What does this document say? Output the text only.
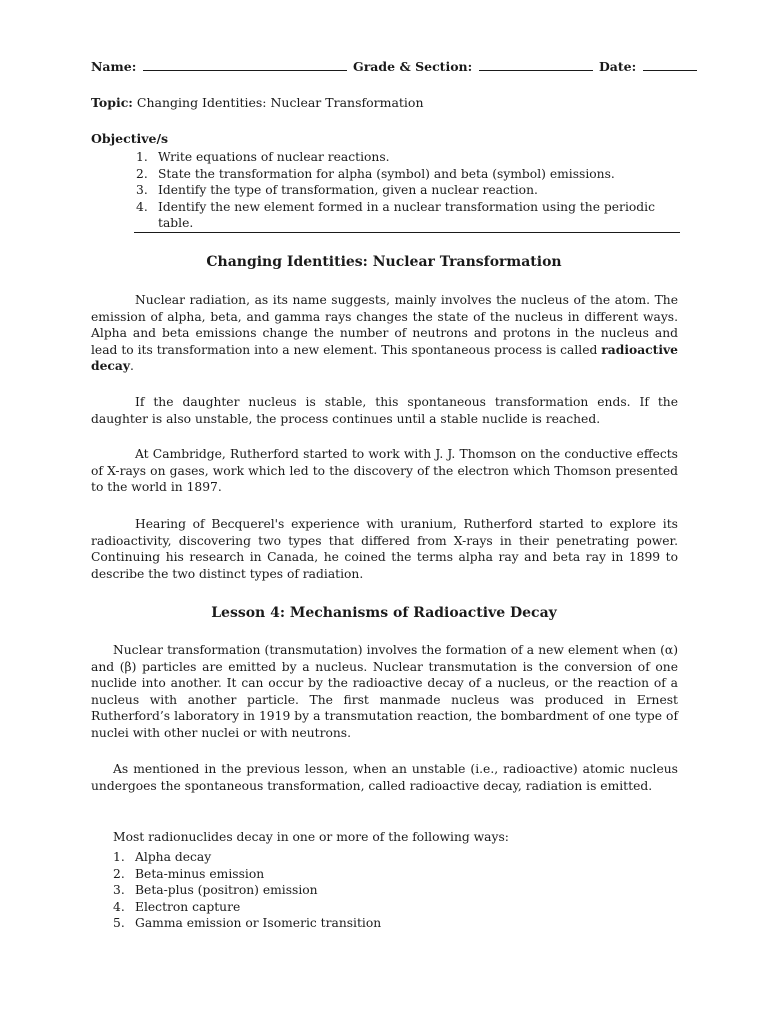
Name:	Grade & Section:	Date:
Topic: Changing Identities: Nuclear Transformation
Objective/s
1. Write equations of nuclear reactions.
2. State the transformation for alpha (symbol) and beta (symbol) emissions.
3. Identify the type of transformation, given a nuclear reaction.
4. Identify the new element formed in a nuclear transformation using the periodic table.
Changing Identities: Nuclear Transformation

Nuclear radiation, as its name suggests, mainly involves the nucleus of the atom. The emission of alpha, beta, and gamma rays changes the state of the nucleus in different ways. Alpha and beta emissions change the number of neutrons and protons in the nucleus and lead to its transformation into a new element. This spontaneous process is called radioactive decay.

If the daughter nucleus is stable, this spontaneous transformation ends. If the daughter is also unstable, the process continues until a stable nuclide is reached.

At Cambridge, Rutherford started to work with J. J. Thomson on the conductive effects of X-rays on gases, work which led to the discovery of the electron which Thomson presented to the world in 1897.

Hearing of Becquerel's experience with uranium, Rutherford started to explore its radioactivity, discovering two types that differed from X-rays in their penetrating power. Continuing his research in Canada, he coined the terms alpha ray and beta ray in 1899 to describe the two distinct types of radiation.

Lesson 4: Mechanisms of Radioactive Decay

Nuclear transformation (transmutation) involves the formation of a new element when (α) and (β) particles are emitted by a nucleus. Nuclear transmutation is the conversion of one nuclide into another. It can occur by the radioactive decay of a nucleus, or the reaction of a nucleus with another particle. The first manmade nucleus was produced in Ernest Rutherford’s laboratory in 1919 by a transmutation reaction, the bombardment of one type of nuclei with other nuclei or with neutrons.

As mentioned in the previous lesson, when an unstable (i.e., radioactive) atomic nucleus undergoes the spontaneous transformation, called radioactive decay, radiation is emitted.

Most radionuclides decay in one or more of the following ways:
1. Alpha decay
2. Beta-minus emission
3. Beta-plus (positron) emission
4. Electron capture
5. Gamma emission or Isomeric transition
